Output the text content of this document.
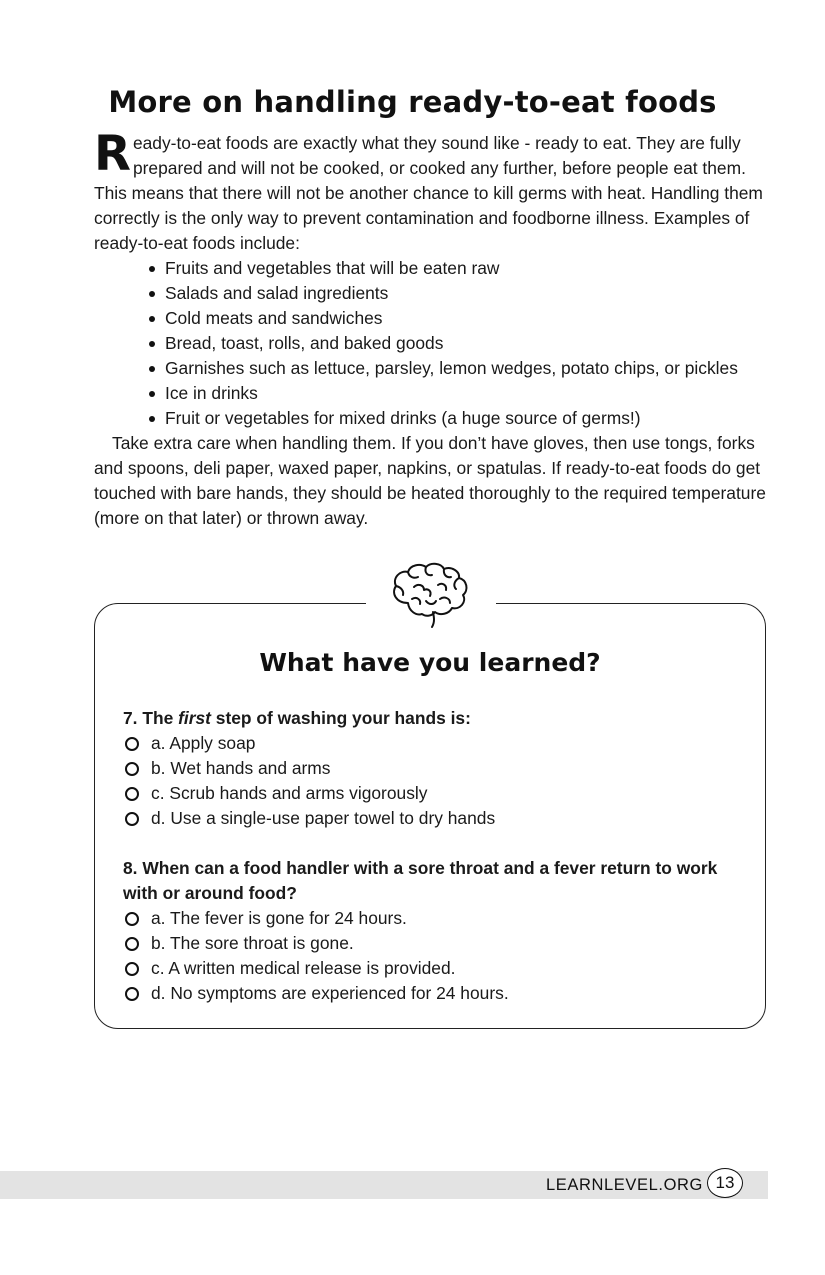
More on handling ready-to-eat foods
R eady-to-eat foods are exactly what they sound like - ready to eat. They are fully prepared and will not be cooked, or cooked any further, before people eat them. This means that there will not be another chance to kill germs with heat. Handling them correctly is the only way to prevent contamination and foodborne illness. Examples of ready-to-eat foods include:

Fruits and vegetables that will be eaten raw
Salads and salad ingredients
Cold meats and sandwiches
Bread, toast, rolls, and baked goods
Garnishes such as lettuce, parsley, lemon wedges, potato chips, or pickles
Ice in drinks
Fruit or vegetables for mixed drinks (a huge source of germs!)

Take extra care when handling them. If you don’t have gloves, then use tongs, forks and spoons, deli paper, waxed paper, napkins, or spatulas. If ready-to-eat foods do get touched with bare hands, they should be heated thoroughly to the required temperature (more on that later) or thrown away.

What have you learned?

7. The first step of washing your hands is:

a. Apply soap
b. Wet hands and arms
c. Scrub hands and arms vigorously
d. Use a single-use paper towel to dry hands

8. When can a food handler with a sore throat and a fever return to work with or around food?

a. The fever is gone for 24 hours.
b. The sore throat is gone.
c. A written medical release is provided.
d. No symptoms are experienced for 24 hours.
LEARNLEVEL.ORG 13
